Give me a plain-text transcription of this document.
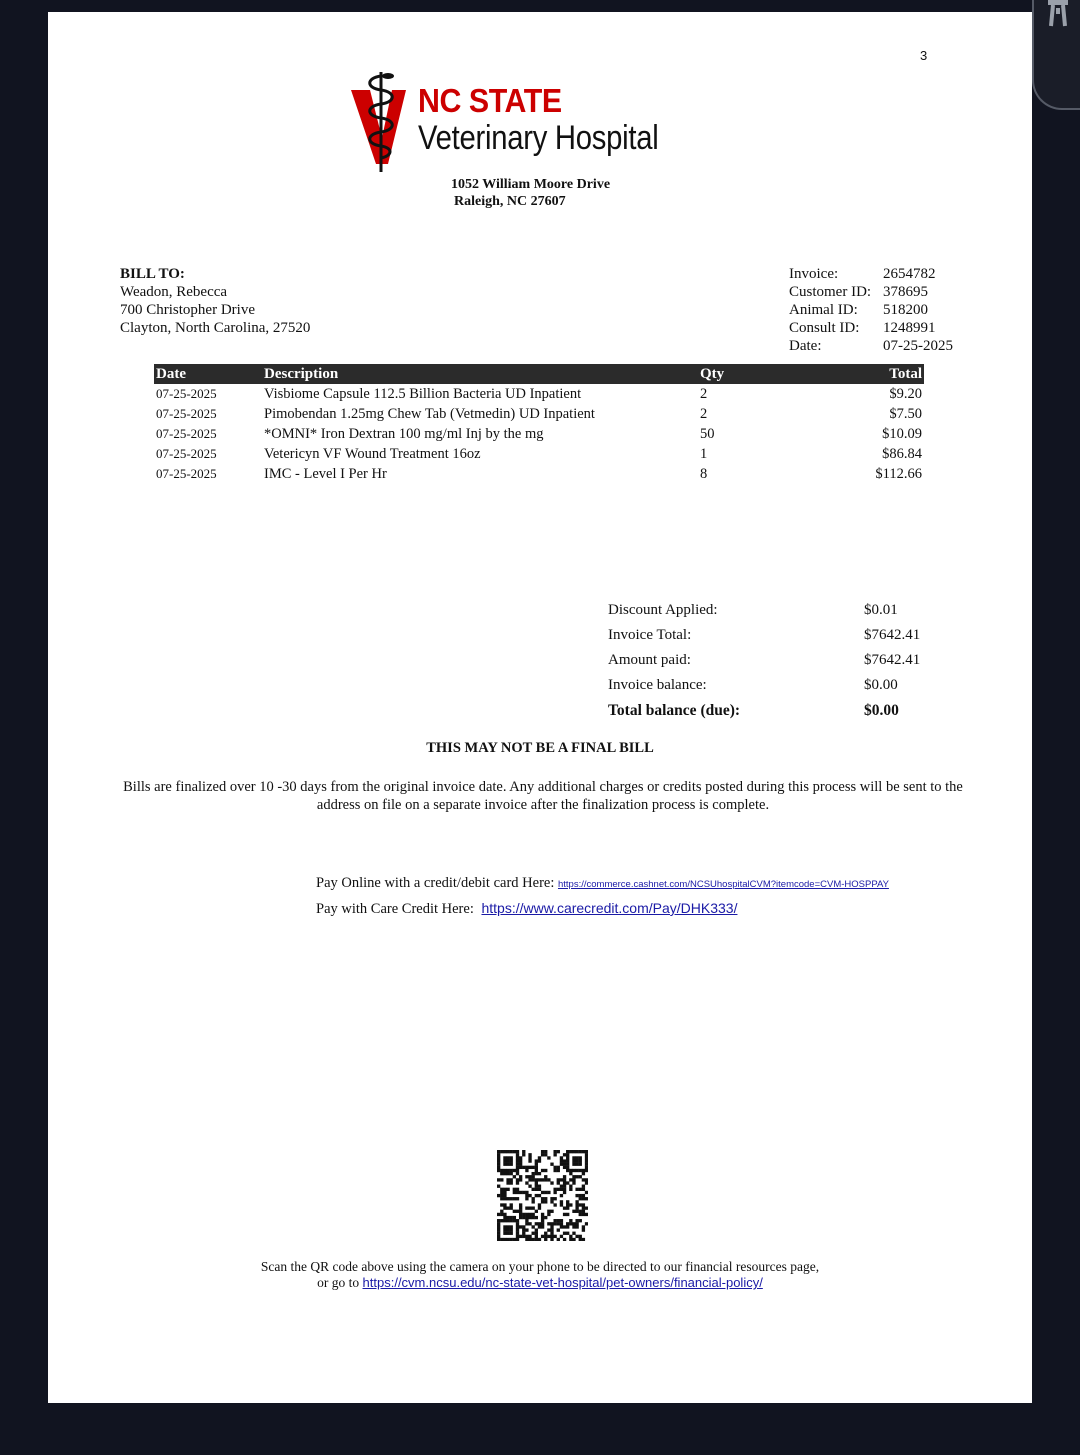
3
NC STATE
Veterinary Hospital
1052 William Moore Drive
Raleigh, NC 27607
BILL TO:
Weadon, Rebecca
700 Christopher Drive
Clayton, North Carolina, 27520
Invoice:	2654782
Customer ID: 378695
Animal ID:	518200
Consult ID:	1248991
Date:	07-25-2025
Date	Description	Qty	Total
07-25-2025	Visbiome Capsule 112.5 Billion Bacteria UD Inpatient	2	$9.20
07-25-2025	Pimobendan 1.25mg Chew Tab (Vetmedin) UD Inpatient	2	$7.50
07-25-2025	*OMNI* Iron Dextran 100 mg/ml Inj by the mg	50	$10.09
07-25-2025	Vetericyn VF Wound Treatment 16oz	1	$86.84
07-25-2025	IMC - Level I Per Hr	8	$112.66
Discount Applied:	$0.01
Invoice Total:	$7642.41
Amount paid:	$7642.41
Invoice balance:	$0.00
Total balance (due):	$0.00
THIS MAY NOT BE A FINAL BILL
Bills are finalized over 10 -30 days from the original invoice date. Any additional charges or credits posted during this process will be sent to the address on file on a separate invoice after the finalization process is complete.
Pay Online with a credit/debit card Here: https://commerce.cashnet.com/NCSUhospitalCVM?itemcode=CVM-HOSPPAY
Pay with Care Credit Here: https://www.carecredit.com/Pay/DHK333/
Scan the QR code above using the camera on your phone to be directed to our financial resources page,
or go to https://cvm.ncsu.edu/nc-state-vet-hospital/pet-owners/financial-policy/
